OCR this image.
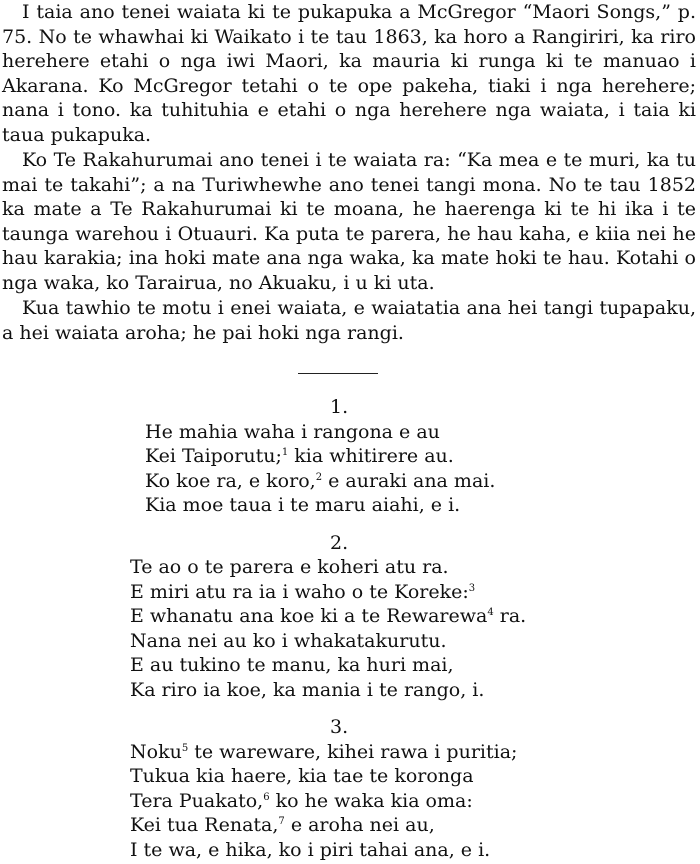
I taia ano tenei waiata ki te pukapuka a McGregor “Maori Songs,” p. 75. No te whawhai ki Waikato i te tau 1863, ka horo a Rangiriri, ka riro herehere etahi o nga iwi Maori, ka mauria ki runga ki te manuao i Akarana. Ko McGregor tetahi o te ope pakeha, tiaki i nga herehere; nana i tono. ka tuhituhia e etahi o nga herehere nga waiata, i taia ki taua pukapuka.

Ko Te Rakahurumai ano tenei i te waiata ra: “Ka mea e te muri, ka tu mai te takahi”; a na Turiwhewhe ano tenei tangi mona. No te tau 1852 ka mate a Te Rakahurumai ki te moana, he haerenga ki te hi ika i te taunga warehou i Otuauri. Ka puta te parera, he hau kaha, e kiia nei he hau karakia; ina hoki mate ana nga waka, ka mate hoki te hau. Kotahi o nga waka, ko Tarairua, no Akuaku, i u ki uta.

Kua tawhio te motu i enei waiata, e waiatatia ana hei tangi tupapaku, a hei waiata aroha; he pai hoki nga rangi.

1.
He mahia waha i rangona e au
Kei Taiporutu;$^1$ kia whitirere au.
Ko koe ra, e koro,$^2$ e auraki ana mai.
Kia moe taua i te maru aiahi, e i.
2.
Te ao o te parera e koheri atu ra.
E miri atu ra ia i waho o te Koreke:$^3$
E whanatu ana koe ki a te Rewarewa$^4$ ra.
Nana nei au ko i whakatakurutu.
E au tukino te manu, ka huri mai,
Ka riro ia koe, ka mania i te rango, i.
3.
Noku$^5$ te wareware, kihei rawa i puritia;
Tukua kia haere, kia tae te koronga
Tera Puakato,$^6$ ko he waka kia oma:
Kei tua Renata,$^7$ e aroha nei au,
I te wa, e hika, ko i piri tahai ana, e i.
